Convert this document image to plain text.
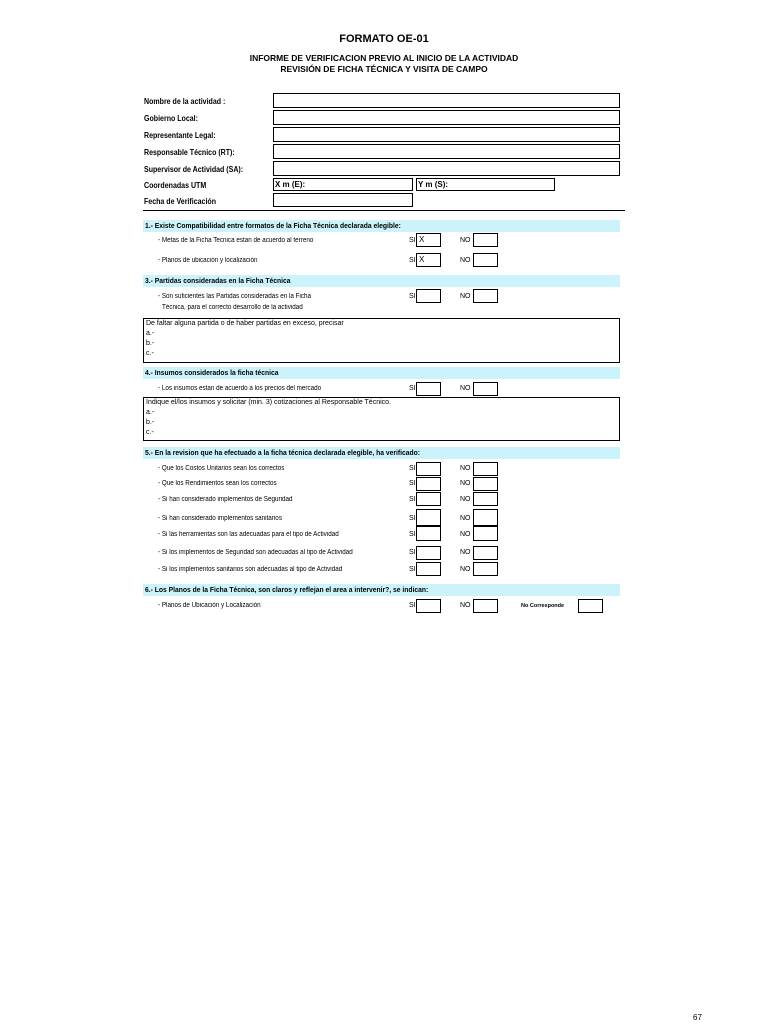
FORMATO OE-01
INFORME DE VERIFICACION PREVIO AL INICIO DE LA ACTIVIDAD
REVISIÓN DE FICHA TÉCNICA Y VISITA DE CAMPO
Nombre de la actividad :
Gobierno Local:
Representante Legal:
Responsable Técnico (RT):
Supervisor de Actividad (SA):
Coordenadas UTM	X m (E):	Y m (S):
Fecha de Verificación
1.- Existe Compatibilidad entre formatos de la Ficha Técnica declarada elegible:
- Metas de la Ficha Tecnica estan de acuerdo al terreno	SI X	NO
- Planos de ubicación y localización	SI X	NO
3.- Partidas consideradas en la Ficha Técnica
- Son suficientes las Partidas consideradas en la Ficha
Técnica, para el correcto desarrollo de la actividad
SI	NO
De faltar alguna partida o de haber partidas en exceso, precisar
a.-
b.-
c.-
4.- Insumos considerados la ficha técnica
- Los insumos estan de acuerdo a los precios del mercado	SI	NO
Indique el/los insumos y solicitar (min. 3) cotizaciones al Responsable Técnico.
a.-
b.-
c.-
5.- En la revision que ha efectuado a la ficha técnica declarada elegible, ha verificado:
- Que los Costos Unitarios sean los correctos	SI	NO
- Que los Rendimientos sean los correctos	SI	NO
- Si han considerado implementos de Seguridad	SI	NO
- Si han considerado implementos sanitarios	SI	NO
- Si las herramientas son las adecuadas para el tipo de Actividad	SI	NO
- Si los implementos de Seguridad son adecuadas al tipo de Actividad	SI	NO
- Si los implementos sanitarios son adecuadas al tipo de Actividad	SI	NO
6.- Los Planos de la Ficha Técnica, son claros y reflejan el area a intervenir?, se indican:
- Planos de Ubicación y Localización	SI	NO	No Corresponde
67
